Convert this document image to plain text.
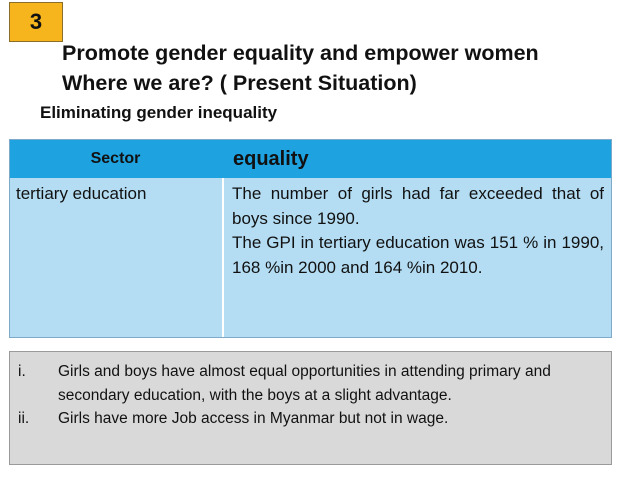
3
Promote gender equality and empower women
Where we are? ( Present Situation)
Eliminating gender inequality
Sector	equality
tertiary education	The number of girls had far exceeded that of boys since 1990.

The GPI in tertiary education was 151 % in 1990, 168 %in 2000 and 164 %in 2010.

i.	Girls and boys have almost equal opportunities in attending primary and secondary education, with the boys at a slight advantage.
ii.	Girls have more Job access in Myanmar but not in wage.
